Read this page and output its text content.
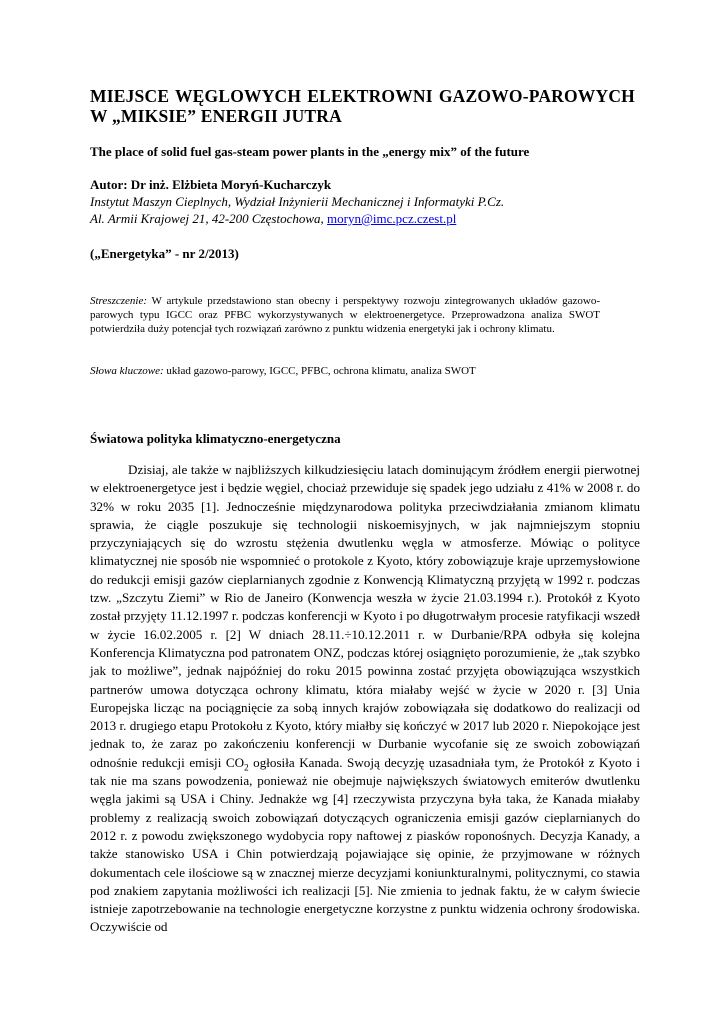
MIEJSCE WĘGLOWYCH ELEKTROWNI GAZOWO-PAROWYCH W „MIKSIE” ENERGII JUTRA
The place of solid fuel gas-steam power plants in the „energy mix” of the future
Autor: Dr inż. Elżbieta Moryń-Kucharczyk
Instytut Maszyn Cieplnych, Wydział Inżynierii Mechanicznej i Informatyki P.Cz.
Al. Armii Krajowej 21, 42-200 Częstochowa, moryn@imc.pcz.czest.pl
(„Energetyka” - nr 2/2013)
Streszczenie: W artykule przedstawiono stan obecny i perspektywy rozwoju zintegrowanych układów gazowo-parowych typu IGCC oraz PFBC wykorzystywanych w elektroenergetyce. Przeprowadzona analiza SWOT potwierdziła duży potencjał tych rozwiązań zarówno z punktu widzenia energetyki jak i ochrony klimatu.
Słowa kluczowe: układ gazowo-parowy, IGCC, PFBC, ochrona klimatu, analiza SWOT
Światowa polityka klimatyczno-energetyczna

Dzisiaj, ale także w najbliższych kilkudziesięciu latach dominującym źródłem energii pierwotnej w elektroenergetyce jest i będzie węgiel, chociaż przewiduje się spadek jego udziału z 41% w 2008 r. do 32% w roku 2035 [1]. Jednocześnie międzynarodowa polityka przeciwdziałania zmianom klimatu sprawia, że ciągle poszukuje się technologii niskoemisyjnych, w jak najmniejszym stopniu przyczyniających się do wzrostu stężenia dwutlenku węgla w atmosferze. Mówiąc o polityce klimatycznej nie sposób nie wspomnieć o protokole z Kyoto, który zobowiązuje kraje uprzemysłowione do redukcji emisji gazów cieplarnianych zgodnie z Konwencją Klimatyczną przyjętą w 1992 r. podczas tzw. „Szczytu Ziemi” w Rio de Janeiro (Konwencja weszła w życie 21.03.1994 r.). Protokół z Kyoto został przyjęty 11.12.1997 r. podczas konferencji w Kyoto i po długotrwałym procesie ratyfikacji wszedł w życie 16.02.2005 r. [2] W dniach 28.11.÷10.12.2011 r. w Durbanie/RPA odbyła się kolejna Konferencja Klimatyczna pod patronatem ONZ, podczas której osiągnięto porozumienie, że „tak szybko jak to możliwe”, jednak najpóźniej do roku 2015 powinna zostać przyjęta obowiązująca wszystkich partnerów umowa dotycząca ochrony klimatu, która miałaby wejść w życie w 2020 r. [3] Unia Europejska licząc na pociągnięcie za sobą innych krajów zobowiązała się dodatkowo do realizacji od 2013 r. drugiego etapu Protokołu z Kyoto, który miałby się kończyć w 2017 lub 2020 r. Niepokojące jest jednak to, że zaraz po zakończeniu konferencji w Durbanie wycofanie się ze swoich zobowiązań odnośnie redukcji emisji $CO_2$ ogłosiła Kanada. Swoją decyzję uzasadniała tym, że Protokół z Kyoto i tak nie ma szans powodzenia, ponieważ nie obejmuje największych światowych emiterów dwutlenku węgla jakimi są USA i Chiny. Jednakże wg [4] rzeczywista przyczyna była taka, że Kanada miałaby problemy z realizacją swoich zobowiązań dotyczących ograniczenia emisji gazów cieplarnianych do 2012 r. z powodu zwiększonego wydobycia ropy naftowej z piasków roponośnych. Decyzja Kanady, a także stanowisko USA i Chin potwierdzają pojawiające się opinie, że przyjmowane w różnych dokumentach cele ilościowe są w znacznej mierze decyzjami koniunkturalnymi, politycznymi, co stawia pod znakiem zapytania możliwości ich realizacji [5]. Nie zmienia to jednak faktu, że w całym świecie istnieje zapotrzebowanie na technologie energetyczne korzystne z punktu widzenia ochrony środowiska. Oczywiście od
